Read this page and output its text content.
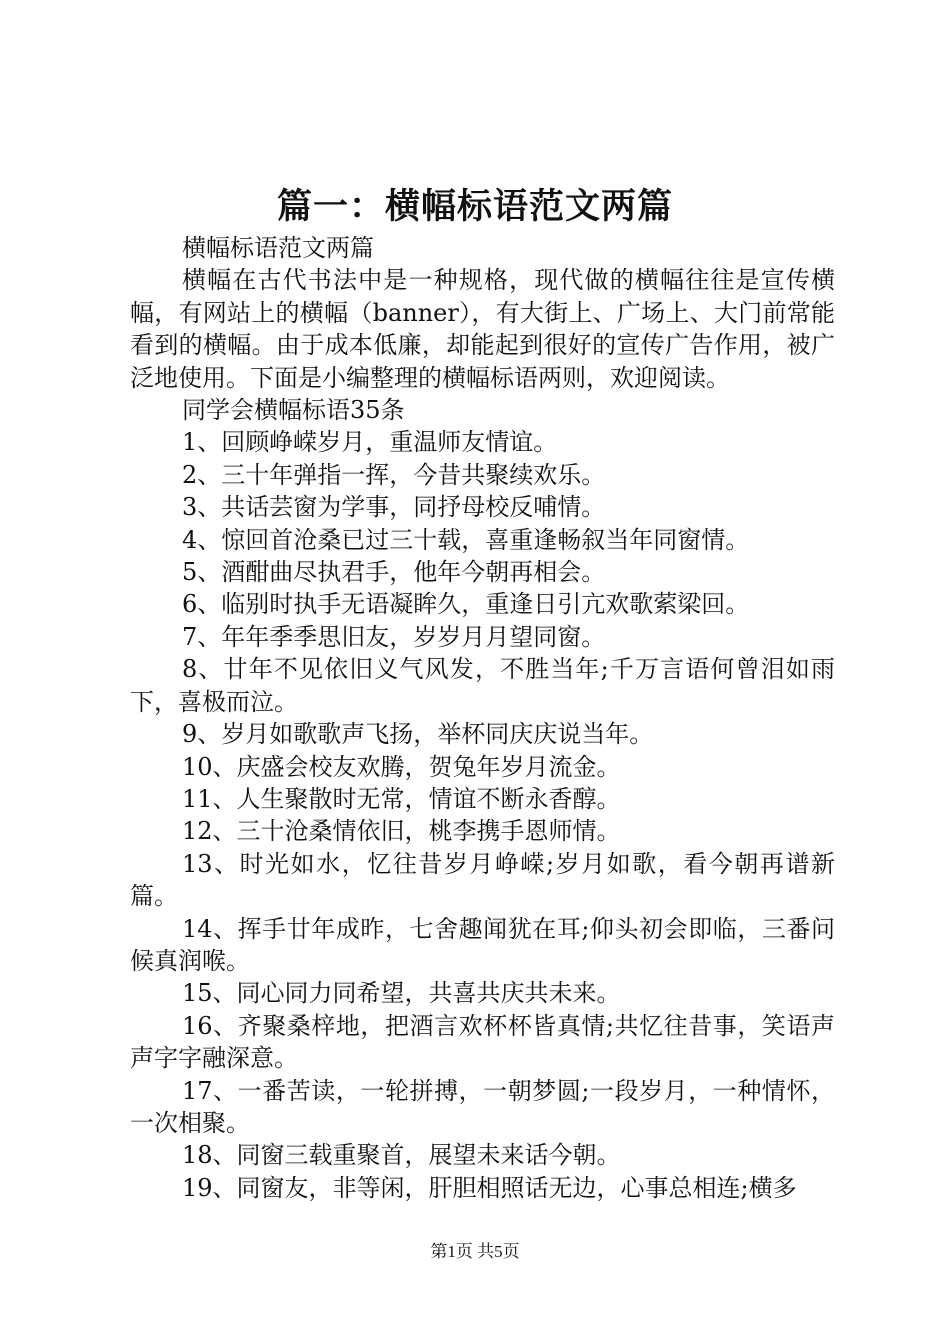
篇一：横幅标语范文两篇

横幅标语范文两篇

横幅在古代书法中是一种规格，现代做的横幅往往是宣传横幅，有网站上的横幅（banner），有大街上、广场上、大门前常能看到的横幅。由于成本低廉，却能起到很好的宣传广告作用，被广泛地使用。下面是小编整理的横幅标语两则，欢迎阅读。

同学会横幅标语35条

1、回顾峥嵘岁月，重温师友情谊。

2、三十年弹指一挥，今昔共聚续欢乐。

3、共话芸窗为学事，同抒母校反哺情。

4、惊回首沧桑已过三十载，喜重逢畅叙当年同窗情。

5、酒酣曲尽执君手，他年今朝再相会。

6、临别时执手无语凝眸久，重逢日引亢欢歌萦梁回。

7、年年季季思旧友，岁岁月月望同窗。

8、廿年不见依旧义气风发，不胜当年;千万言语何曾泪如雨下，喜极而泣。

9、岁月如歌歌声飞扬，举杯同庆庆说当年。

10、庆盛会校友欢腾，贺兔年岁月流金。

11、人生聚散时无常，情谊不断永香醇。

12、三十沧桑情依旧，桃李携手恩师情。

13、时光如水，忆往昔岁月峥嵘;岁月如歌，看今朝再谱新篇。

14、挥手廿年成昨，七舍趣闻犹在耳;仰头初会即临，三番问候真润喉。

15、同心同力同希望，共喜共庆共未来。

16、齐聚桑梓地，把酒言欢杯杯皆真情;共忆往昔事，笑语声声字字融深意。

17、一番苦读，一轮拼搏，一朝梦圆;一段岁月，一种情怀，一次相聚。

18、同窗三载重聚首，展望未来话今朝。

19、同窗友，非等闲，肝胆相照话无边，心事总相连;横多

第1页 共5页
